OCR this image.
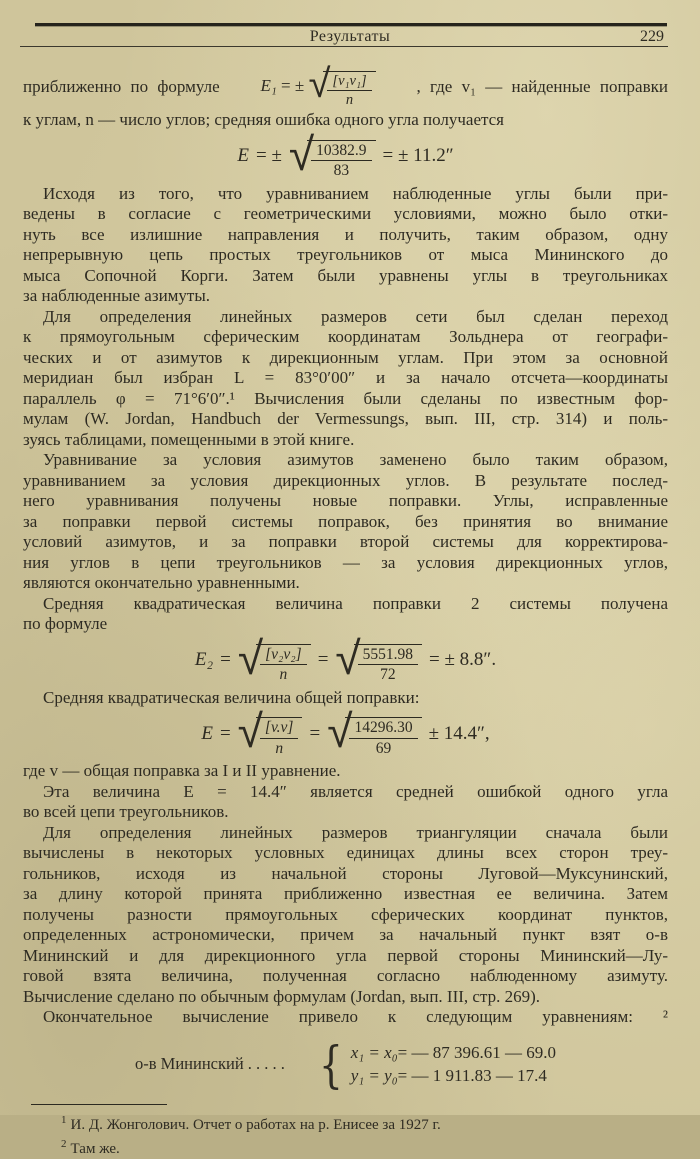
Результаты	229
приближенно по формуле E₁ = ± √
$\frac{\text{[v₁v₁]}}{n}$ , где v₁ — найденные поправки
к углам, n — число углов; средняя ошибка одного угла получается
E = ± √
$\frac{10382.9}{83}$ = ± 11.2″
Исходя из того, что уравниванием наблюденные углы были при-
ведены в согласие с геометрическими условиями, можно было отки-
нуть все излишние направления и получить, таким образом, одну
непрерывную цепь простых треугольников от мыса Мининского до
мыса Сопочной Корги. Затем были уравнены углы в треугольниках
за наблюденные азимуты.
Для определения линейных размеров сети был сделан переход
к прямоугольным сферическим координатам Зольднера от географи-
ческих и от азимутов к дирекционным углам. При этом за основной
меридиан был избран L = 83°0′00″ и за начало отсчета—координаты
параллель φ = 71°6′0″.¹ Вычисления были сделаны по известным фор-
мулам (W. Jordan, Handbuch der Vermessungs, вып. III, стр. 314) и поль-
зуясь таблицами, помещенными в этой книге.
Уравнивание за условия азимутов заменено было таким образом,
уравниванием за условия дирекционных углов. В результате послед-
него уравнивания получены новые поправки. Углы, исправленные
за поправки первой системы поправок, без принятия во внимание
условий азимутов, и за поправки второй системы для корректирова-
ния углов в цепи треугольников — за условия дирекционных углов,
являются окончательно уравненными.
Средняя квадратическая величина поправки 2 системы получена
по формуле
E₂ = √
$\frac{\text{[v₂v₂]}}{n}$ = √
$\frac{5551.98}{72}$ = ± 8.8″.
Средняя квадратическая величина общей поправки:
E = √
$\frac{[v.v]}{n}$ = √
$\frac{14296.30}{69} \pm 14.4''$,
где v — общая поправка за I и II уравнение.
Эта величина E = 14.4″ является средней ошибкой одного угла
во всей цепи треугольников.
Для определения линейных размеров триангуляции сначала были
вычислены в некоторых условных единицах длины всех сторон треу-
гольников, исходя из начальной стороны Луговой—Муксунинский,
за длину которой принята приближенно известная ее величина. Затем
получены разности прямоугольных сферических координат пунктов,
определенных астрономически, причем за начальный пункт взят о-в
Мининский и для дирекционного угла первой стороны Мининский—Лу-
говой взята величина, полученная согласно наблюденному азимуту.
Вычисление сделано по обычным формулам (Jordan, вып. III, стр. 269).
Окончательное вычисление привело к следующим уравнениям: ²
о-в Мининский . . . . . { x₁ = x₀= — 87 396.61 — 69.0
y₁ = y₀= — 1 911.83 — 17.4
$^1$ И. Д. Жонголович. Отчет о работах на р. Енисее за 1927 г.
$^2$ Там же.
